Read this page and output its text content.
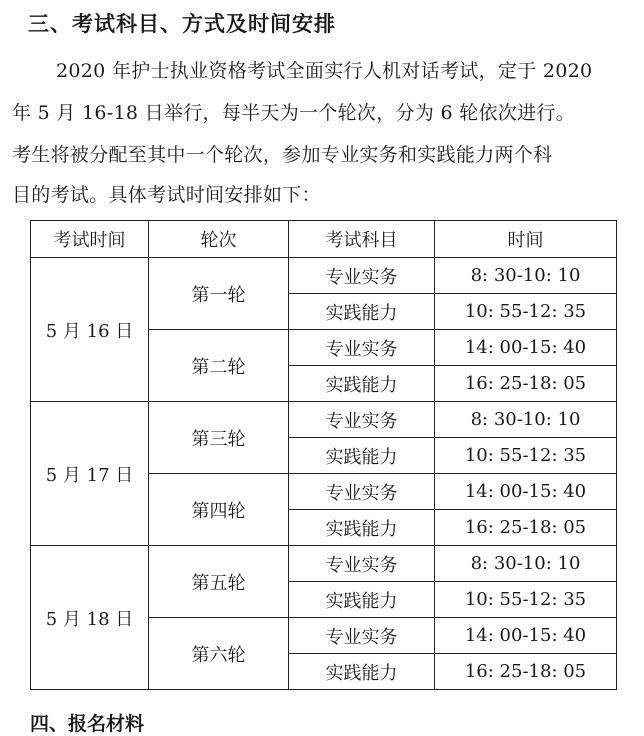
三、考试科目、方式及时间安排
2020 年护士执业资格考试全面实行人机对话考试，定于 2020
年 5 月 16-18 日举行，每半天为一个轮次，分为 6 轮依次进行。
考生将被分配至其中一个轮次，参加专业实务和实践能力两个科
目的考试。具体考试时间安排如下：
考试时间	轮次	考试科目	时间
5 月 16 日	第一轮	专业实务	8: 30-10: 10
		实践能力	10: 55-12: 35
	第二轮	专业实务	14: 00-15: 40
		实践能力	16: 25-18: 05
5 月 17 日	第三轮	专业实务	8: 30-10: 10
		实践能力	10: 55-12: 35
	第四轮	专业实务	14: 00-15: 40
		实践能力	16: 25-18: 05
5 月 18 日	第五轮	专业实务	8: 30-10: 10
		实践能力	10: 55-12: 35
	第六轮	专业实务	14: 00-15: 40
		实践能力	16: 25-18: 05
四、报名材料
